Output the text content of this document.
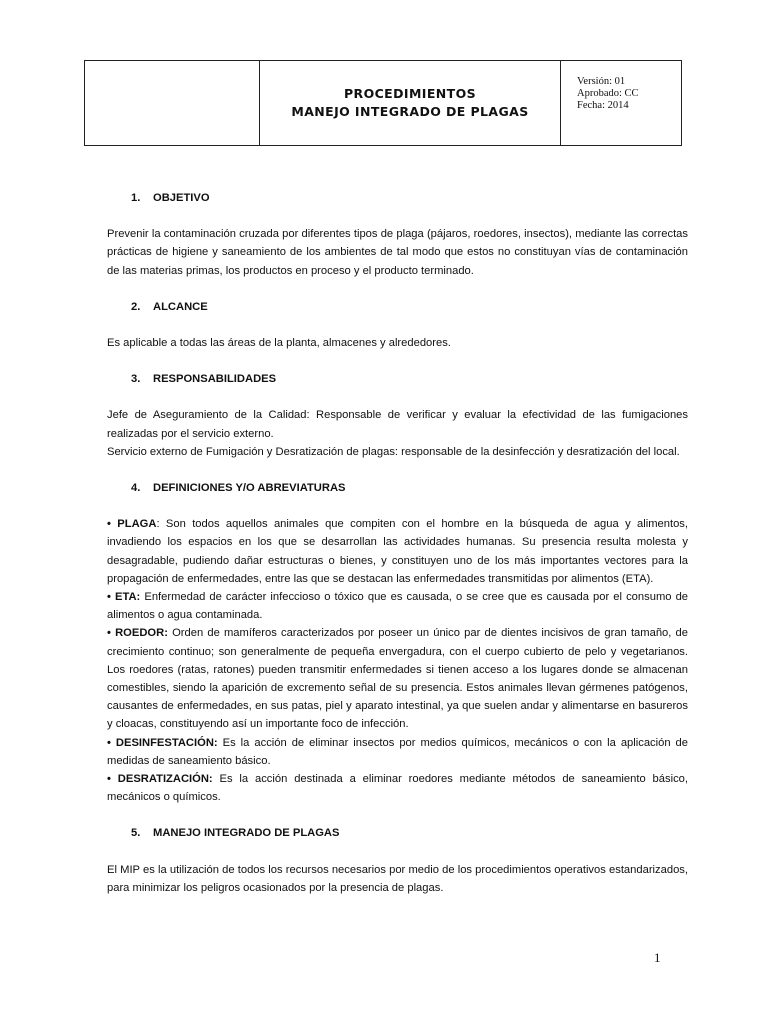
PROCEDIMIENTOS
MANEJO INTEGRADO DE PLAGAS
Versión: 01
Aprobado: CC
Fecha: 2014
1.	OBJETIVO

Prevenir la contaminación cruzada por diferentes tipos de plaga (pájaros, roedores, insectos), mediante las correctas prácticas de higiene y saneamiento de los ambientes de tal modo que estos no constituyan vías de contaminación de las materias primas, los productos en proceso y el producto terminado.

2.	ALCANCE

Es aplicable a todas las áreas de la planta, almacenes y alrededores.

3.	RESPONSABILIDADES

Jefe de Aseguramiento de la Calidad: Responsable de verificar y evaluar la efectividad de las fumigaciones realizadas por el servicio externo.

Servicio externo de Fumigación y Desratización de plagas: responsable de la desinfección y desratización del local.

4.	DEFINICIONES Y/O ABREVIATURAS

• PLAGA: Son todos aquellos animales que compiten con el hombre en la búsqueda de agua y alimentos, invadiendo los espacios en los que se desarrollan las actividades humanas. Su presencia resulta molesta y desagradable, pudiendo dañar estructuras o bienes, y constituyen uno de los más importantes vectores para la propagación de enfermedades, entre las que se destacan las enfermedades transmitidas por alimentos (ETA).

• ETA: Enfermedad de carácter infeccioso o tóxico que es causada, o se cree que es causada por el consumo de alimentos o agua contaminada.

• ROEDOR: Orden de mamíferos caracterizados por poseer un único par de dientes incisivos de gran tamaño, de crecimiento continuo; son generalmente de pequeña envergadura, con el cuerpo cubierto de pelo y vegetarianos. Los roedores (ratas, ratones) pueden transmitir enfermedades si tienen acceso a los lugares donde se almacenan comestibles, siendo la aparición de excremento señal de su presencia. Estos animales llevan gérmenes patógenos, causantes de enfermedades, en sus patas, piel y aparato intestinal, ya que suelen andar y alimentarse en basureros y cloacas, constituyendo así un importante foco de infección.

• DESINFESTACIÓN: Es la acción de eliminar insectos por medios químicos, mecánicos o con la aplicación de medidas de saneamiento básico.

• DESRATIZACIÓN: Es la acción destinada a eliminar roedores mediante métodos de saneamiento básico, mecánicos o químicos.

5.	MANEJO INTEGRADO DE PLAGAS

El MIP es la utilización de todos los recursos necesarios por medio de los procedimientos operativos estandarizados, para minimizar los peligros ocasionados por la presencia de plagas.

1
